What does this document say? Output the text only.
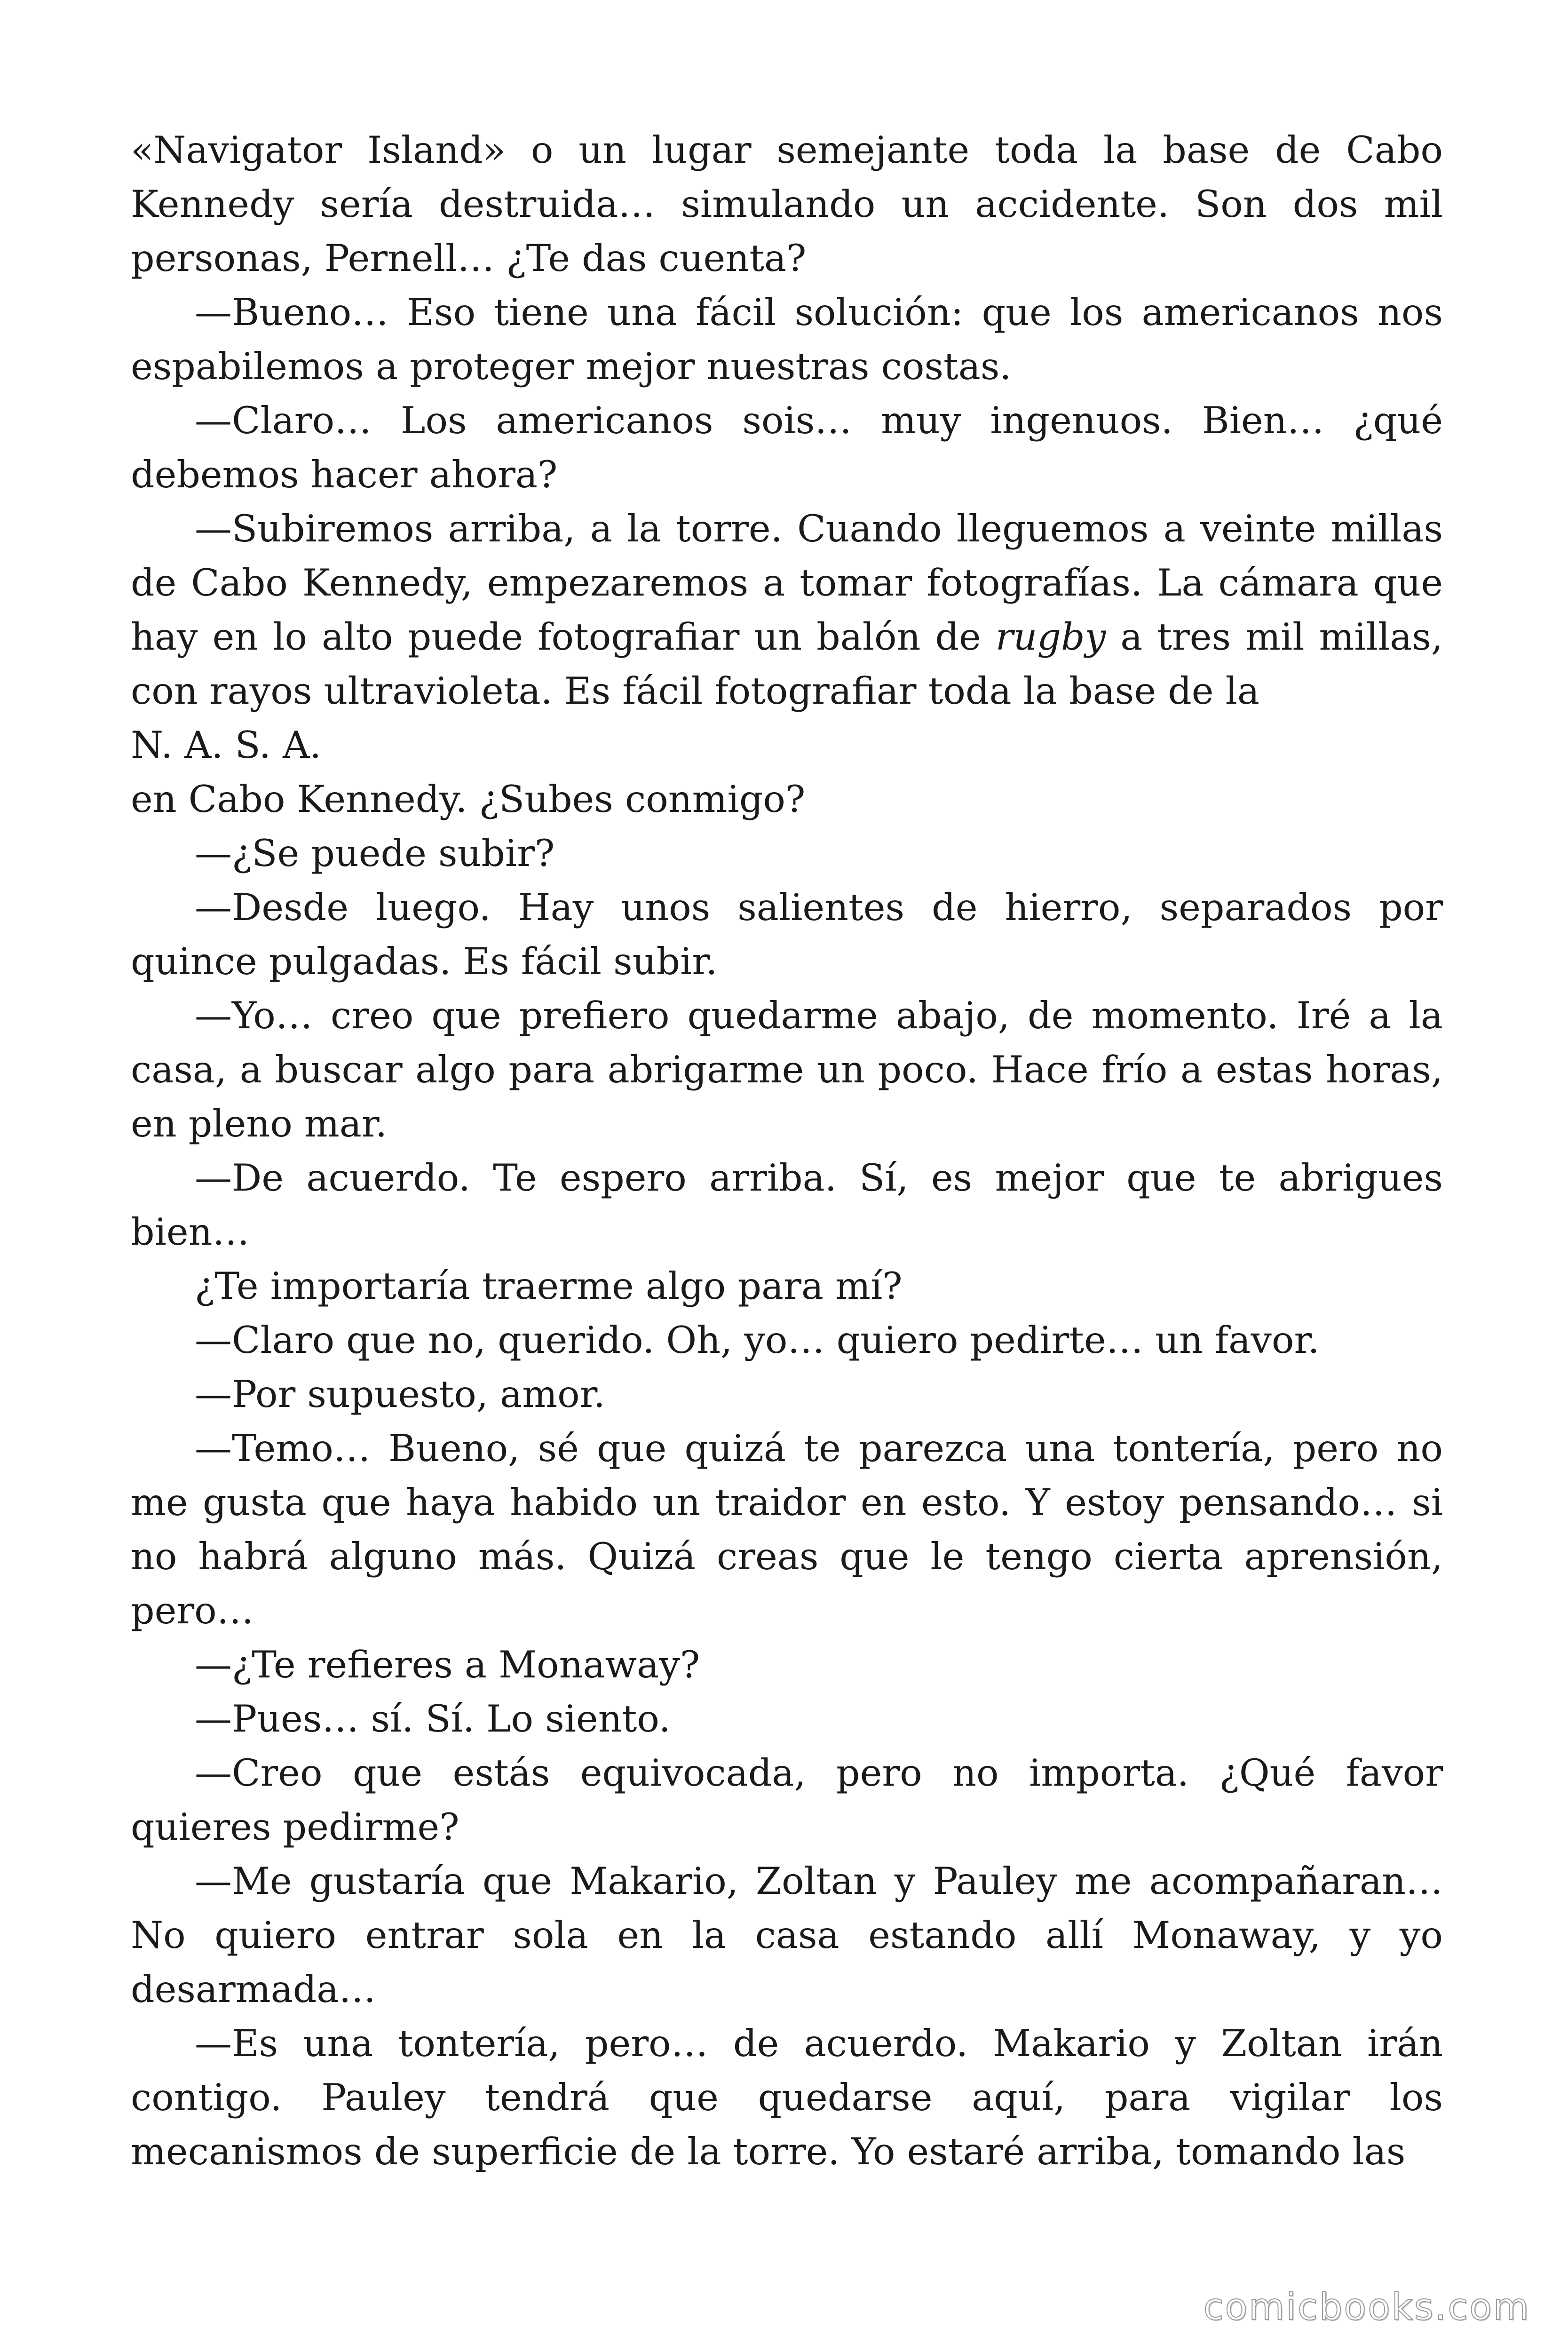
«Navigator Island» o un lugar semejante toda la base de Cabo Kennedy sería destruida… simulando un accidente. Son dos mil personas, Pernell… ¿Te das cuenta?

—Bueno… Eso tiene una fácil solución: que los americanos nos espabilemos a proteger mejor nuestras costas.

—Claro… Los americanos sois… muy ingenuos. Bien… ¿qué debemos hacer ahora?

—Subiremos arriba, a la torre. Cuando lleguemos a veinte millas de Cabo Kennedy, empezaremos a tomar fotografías. La cámara que hay en lo alto puede fotografiar un balón de rugby a tres mil millas, con rayos ultravioleta. Es fácil fotografiar toda la base de la

N. A. S. A.

en Cabo Kennedy. ¿Subes conmigo?

—¿Se puede subir?

—Desde luego. Hay unos salientes de hierro, separados por quince pulgadas. Es fácil subir.

—Yo… creo que prefiero quedarme abajo, de momento. Iré a la casa, a buscar algo para abrigarme un poco. Hace frío a estas horas, en pleno mar.

—De acuerdo. Te espero arriba. Sí, es mejor que te abrigues bien…

¿Te importaría traerme algo para mí?

—Claro que no, querido. Oh, yo… quiero pedirte… un favor.

—Por supuesto, amor.

—Temo… Bueno, sé que quizá te parezca una tontería, pero no me gusta que haya habido un traidor en esto. Y estoy pensando… si no habrá alguno más. Quizá creas que le tengo cierta aprensión, pero…

—¿Te refieres a Monaway?

—Pues… sí. Sí. Lo siento.

—Creo que estás equivocada, pero no importa. ¿Qué favor quieres pedirme?

—Me gustaría que Makario, Zoltan y Pauley me acompañaran… No quiero entrar sola en la casa estando allí Monaway, y yo desarmada…

—Es una tontería, pero… de acuerdo. Makario y Zoltan irán contigo. Pauley tendrá que quedarse aquí, para vigilar los mecanismos de superficie de la torre. Yo estaré arriba, tomando las

comicbooks.com
